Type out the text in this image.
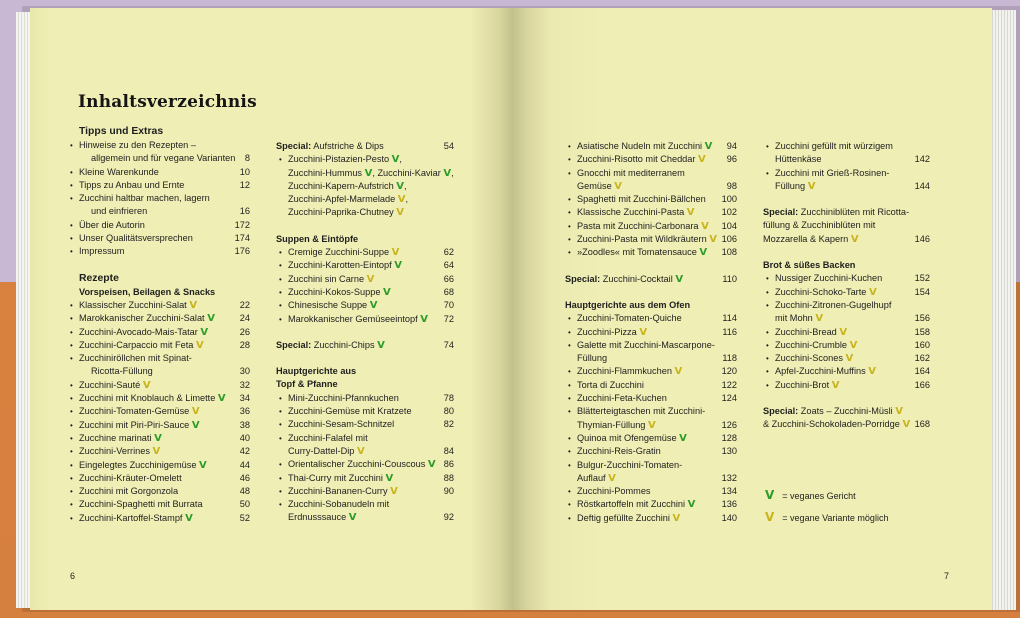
Inhaltsverzeichnis
Tipps und Extras
• Hinweise zu den Rezepten –
allgemein und für vegane Varianten 8
• Kleine Warenkunde	10
• Tipps zu Anbau und Ernte	12
• Zucchini haltbar machen, lagern
und einfrieren	16
• Über die Autorin	172
• Unser Qualitätsversprechen	174
• Impressum	176
Rezepte
Vorspeisen, Beilagen & Snacks
• Klassischer Zucchini-Salat V	22
• Marokkanischer Zucchini-Salat V	24
• Zucchini-Avocado-Mais-Tatar V	26
• Zucchini-Carpaccio mit Feta V	28
• Zucchiniröllchen mit Spinat-
Ricotta-Füllung	30
• Zucchini-Sauté V	32
• Zucchini mit Knoblauch & Limette V 34
• Zucchini-Tomaten-Gemüse V	36
• Zucchini mit Piri-Piri-Sauce V	38
• Zucchine marinati V	40
• Zucchini-Verrines V	42
• Eingelegtes Zucchinigemüse V	44
• Zucchini-Kräuter-Omelett	46
• Zucchini mit Gorgonzola	48
• Zucchini-Spaghetti mit Burrata	50
• Zucchini-Kartoffel-Stampf V	52
Special: Aufstriche & Dips	54
• Zucchini-Pistazien-Pesto V,
Zucchini-Hummus V, Zucchini-Kaviar V,
Zucchini-Kapern-Aufstrich V,
Zucchini-Apfel-Marmelade V,
Zucchini-Paprika-Chutney V
Suppen & Eintöpfe
• Cremige Zucchini-Suppe V	62
• Zucchini-Karotten-Eintopf V	64
• Zucchini sin Carne V	66
• Zucchini-Kokos-Suppe V	68
• Chinesische Suppe V	70
• Marokkanischer Gemüseeintopf V 72
Special: Zucchini-Chips V	74
Hauptgerichte aus
Topf & Pfanne
• Mini-Zucchini-Pfannkuchen	78
• Zucchini-Gemüse mit Kratzete	80
• Zucchini-Sesam-Schnitzel	82
• Zucchini-Falafel mit
Curry-Dattel-Dip V	84
• Orientalischer Zucchini-Couscous V 86
• Thai-Curry mit Zucchini V	88
• Zucchini-Bananen-Curry V	90
• Zucchini-Sobanudeln mit
Erdnusssauce V	92
• Asiatische Nudeln mit Zucchini V 94
• Zucchini-Risotto mit Cheddar V 96
• Gnocchi mit mediterranem
Gemüse V	98
• Spaghetti mit Zucchini-Bällchen 100
• Klassische Zucchini-Pasta V	102
• Pasta mit Zucchini-Carbonara V 104
• Zucchini-Pasta mit Wildkräutern V 106
• »Zoodles« mit Tomatensauce V 108
Special: Zucchini-Cocktail V	110
Hauptgerichte aus dem Ofen
• Zucchini-Tomaten-Quiche	114
• Zucchini-Pizza V	116
• Galette mit Zucchini-Mascarpone-
Füllung	118
• Zucchini-Flammkuchen V	120
• Torta di Zucchini	122
• Zucchini-Feta-Kuchen	124
• Blätterteigtaschen mit Zucchini-
Thymian-Füllung V	126
• Quinoa mit Ofengemüse V	128
• Zucchini-Reis-Gratin	130
• Bulgur-Zucchini-Tomaten-
Auflauf V	132
• Zucchini-Pommes	134
• Röstkartoffeln mit Zucchini V	136
• Deftig gefüllte Zucchini V	140
• Zucchini gefüllt mit würzigem
Hüttenkäse	142
• Zucchini mit Grieß-Rosinen-
Füllung V	144
Special: Zucchiniblüten mit Ricotta-
füllung & Zucchiniblüten mit
Mozzarella & Kapern V	146
Brot & süßes Backen
• Nussiger Zucchini-Kuchen	152
• Zucchini-Schoko-Tarte V	154
• Zucchini-Zitronen-Gugelhupf
mit Mohn V	156
• Zucchini-Bread V	158
• Zucchini-Crumble V	160
• Zucchini-Scones V	162
• Apfel-Zucchini-Muffins V	164
• Zucchini-Brot V	166
Special: Zoats – Zucchini-Müsli V
& Zucchini-Schokoladen-Porridge V 168
V = veganes Gericht
V = vegane Variante möglich
6	7
